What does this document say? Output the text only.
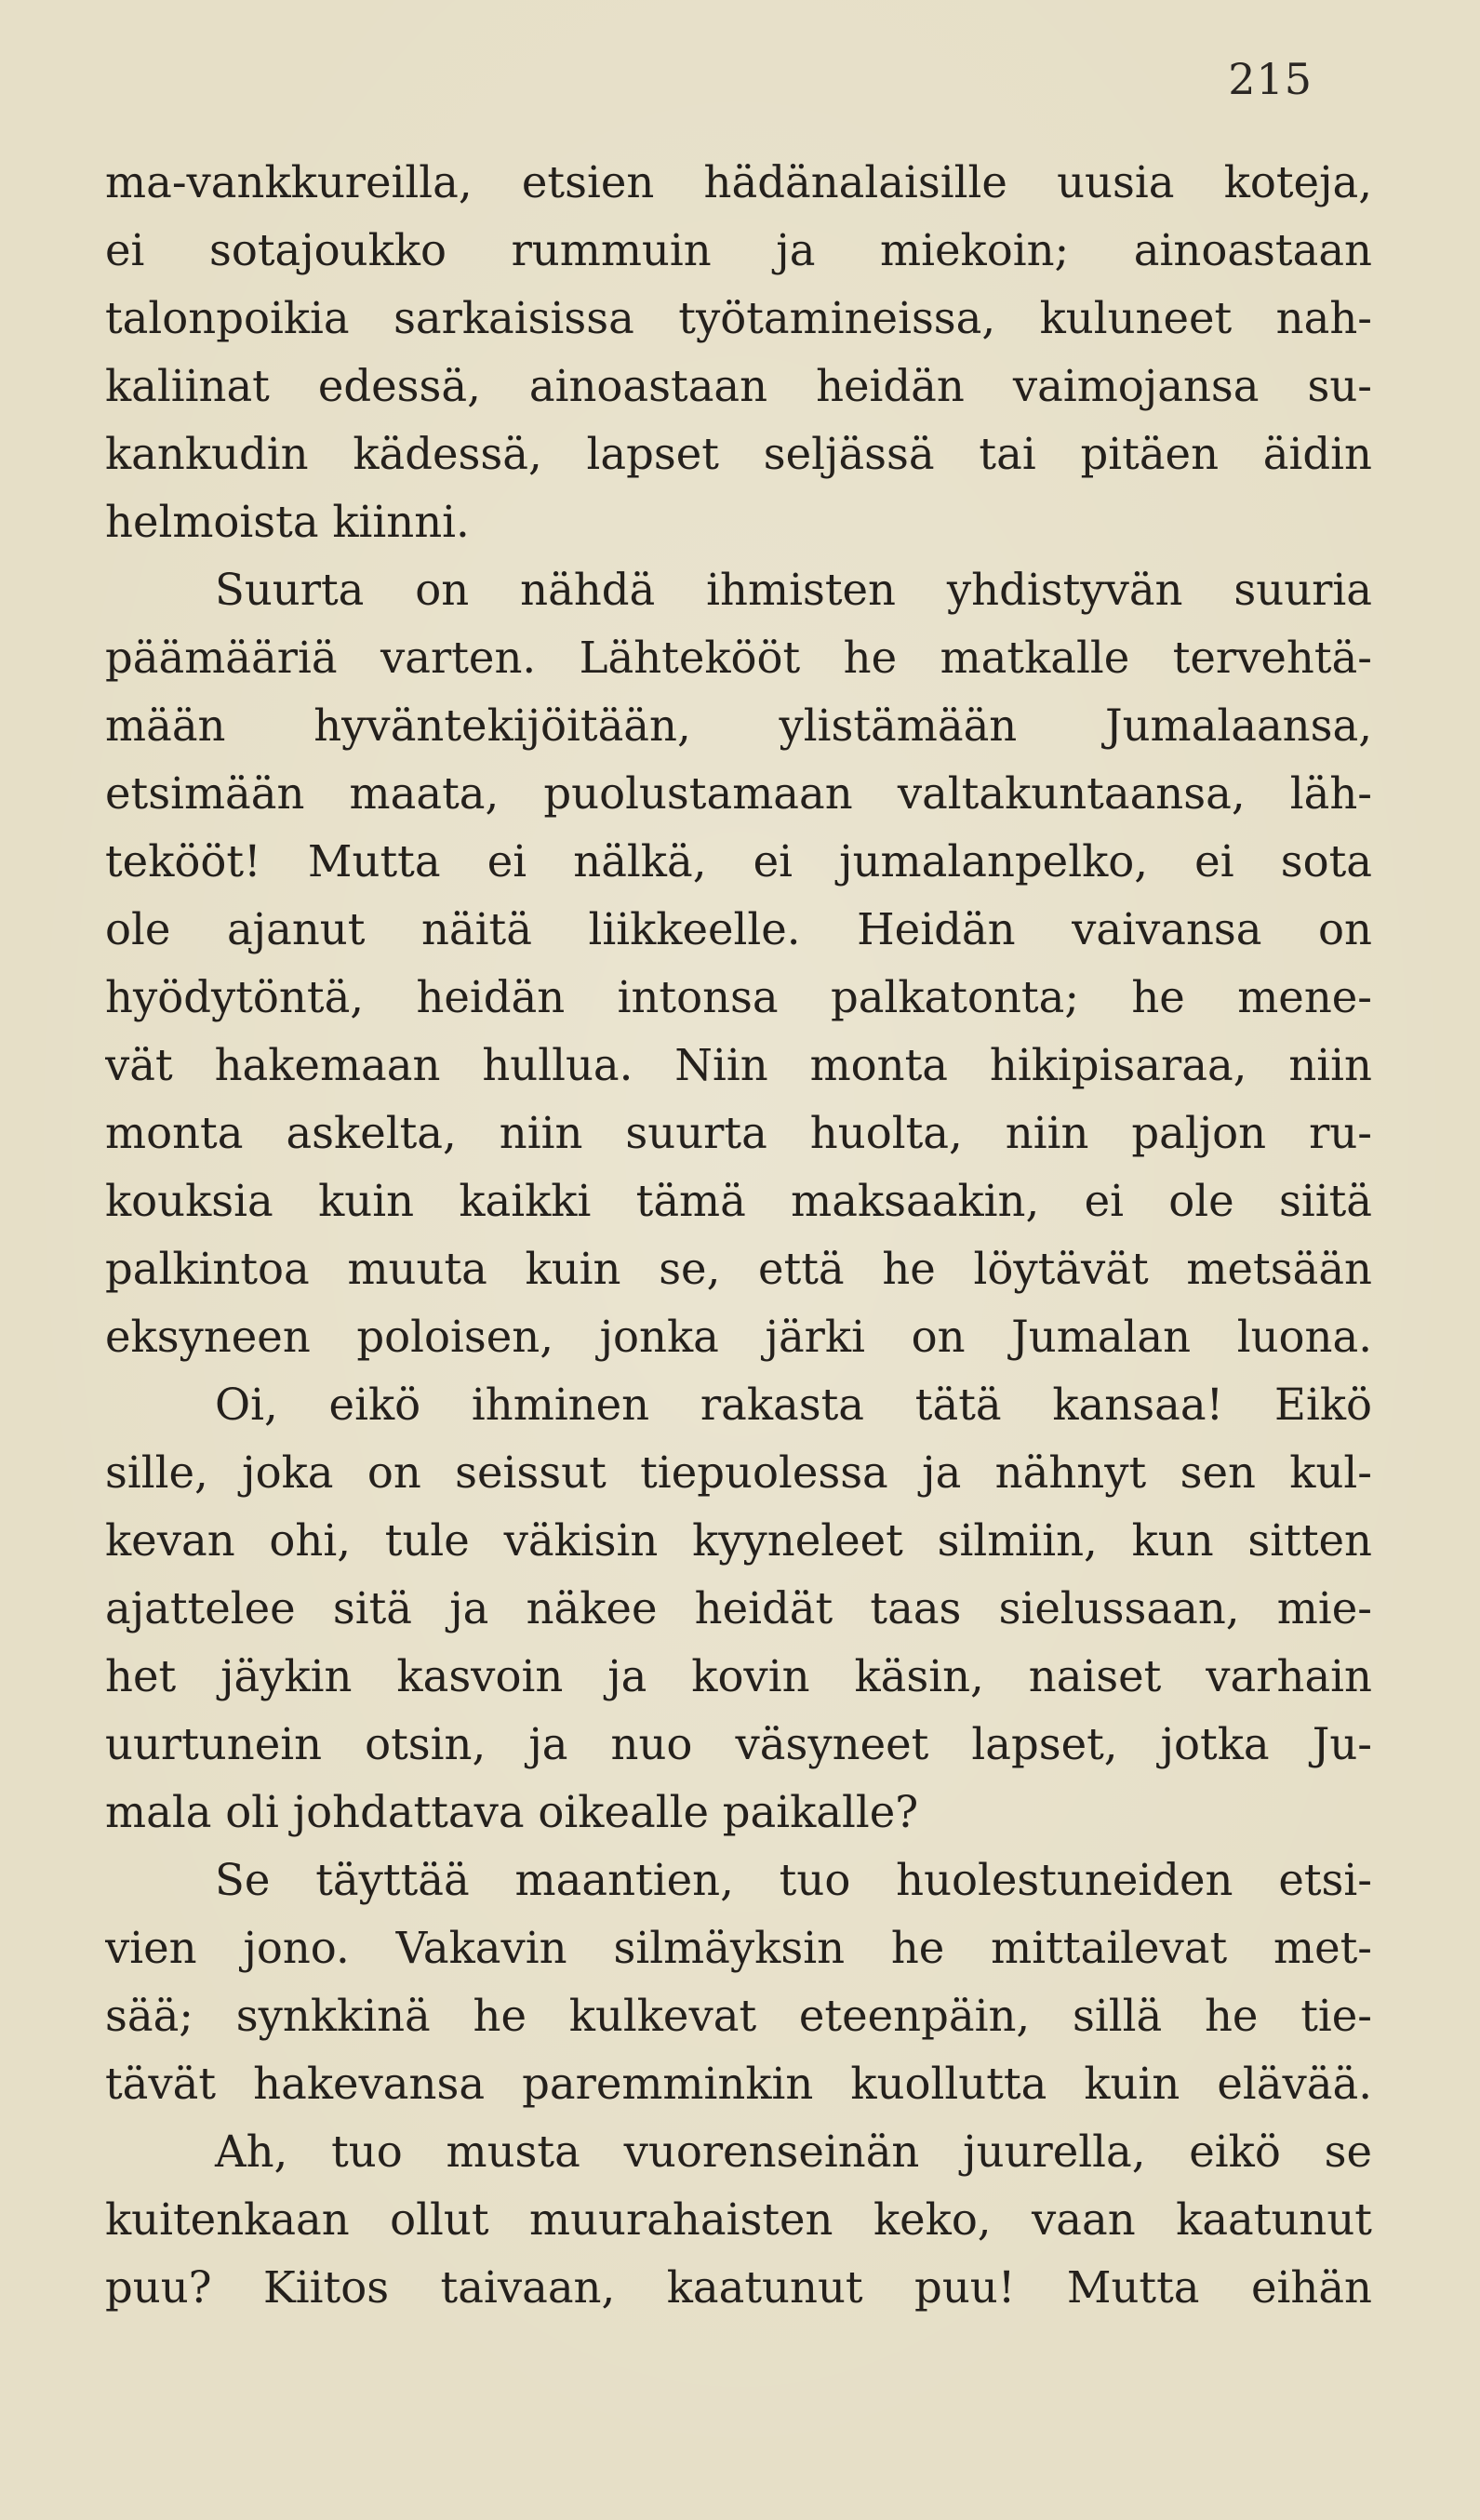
215
ma-vankkureilla, etsien hädänalaisille uusia koteja,
ei sotajoukko rummuin ja miekoin; ainoastaan
talonpoikia sarkaisissa työtamineissa, kuluneet nah-
kaliinat edessä, ainoastaan heidän vaimojansa su-
kankudin kädessä, lapset seljässä tai pitäen äidin
helmoista kiinni.
Suurta on nähdä ihmisten yhdistyvän suuria
päämääriä varten. Lähtekööt he matkalle tervehtä-
mään hyväntekijöitään, ylistämään Jumalaansa,
etsimään maata, puolustamaan valtakuntaansa, läh-
tekööt! Mutta ei nälkä, ei jumalanpelko, ei sota
ole ajanut näitä liikkeelle. Heidän vaivansa on
hyödytöntä, heidän intonsa palkatonta; he mene-
vät hakemaan hullua. Niin monta hikipisaraa, niin
monta askelta, niin suurta huolta, niin paljon ru-
kouksia kuin kaikki tämä maksaakin, ei ole siitä
palkintoa muuta kuin se, että he löytävät metsään
eksyneen poloisen, jonka järki on Jumalan luona.
Oi, eikö ihminen rakasta tätä kansaa! Eikö
sille, joka on seissut tiepuolessa ja nähnyt sen kul-
kevan ohi, tule väkisin kyyneleet silmiin, kun sitten
ajattelee sitä ja näkee heidät taas sielussaan, mie-
het jäykin kasvoin ja kovin käsin, naiset varhain
uurtunein otsin, ja nuo väsyneet lapset, jotka Ju-
mala oli johdattava oikealle paikalle?
Se täyttää maantien, tuo huolestuneiden etsi-
vien jono. Vakavin silmäyksin he mittailevat met-
sää; synkkinä he kulkevat eteenpäin, sillä he tie-
tävät hakevansa paremminkin kuollutta kuin elävää.
Ah, tuo musta vuorenseinän juurella, eikö se
kuitenkaan ollut muurahaisten keko, vaan kaatunut
puu? Kiitos taivaan, kaatunut puu! Mutta eihän
